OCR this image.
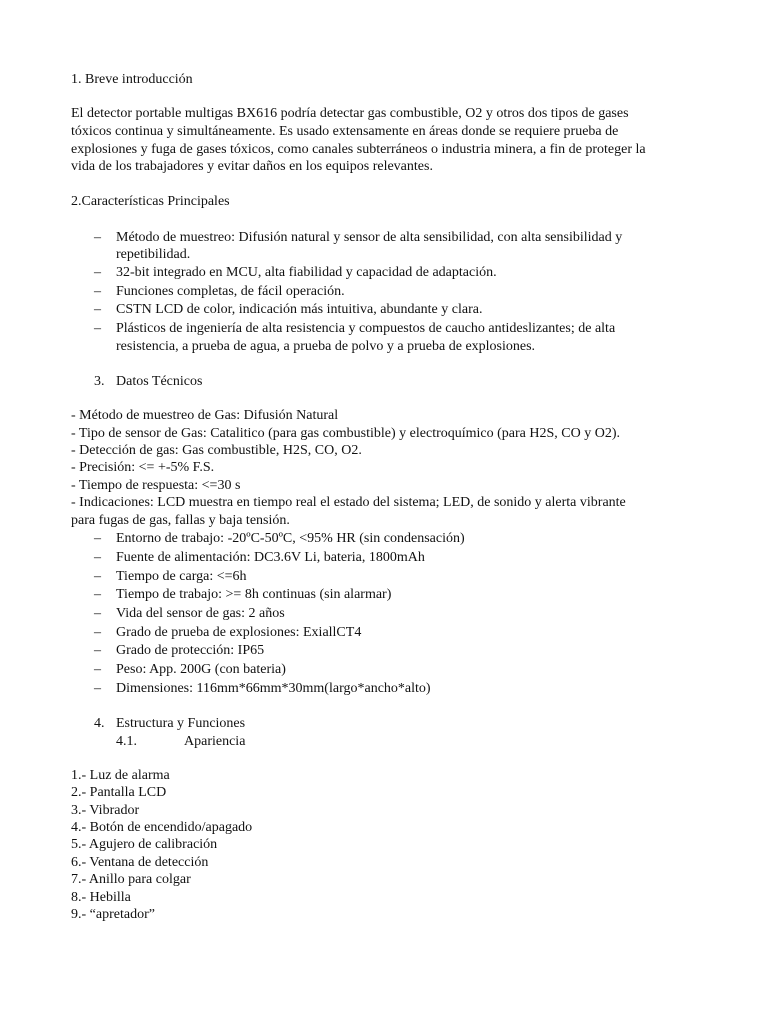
1. Breve introducción
El detector portable multigas BX616 podría detectar gas combustible, O2 y otros dos tipos de gases
tóxicos continua y simultáneamente. Es usado extensamente en áreas donde se requiere prueba de
explosiones y fuga de gases tóxicos, como canales subterráneos o industria minera, a fin de proteger la
vida de los trabajadores y evitar daños en los equipos relevantes.
2.Características Principales
– Método de muestreo: Difusión natural y sensor de alta sensibilidad, con alta sensibilidad y
repetibilidad.
– 32-bit integrado en MCU, alta fiabilidad y capacidad de adaptación.
– Funciones completas, de fácil operación.
– CSTN LCD de color, indicación más intuitiva, abundante y clara.
– Plásticos de ingeniería de alta resistencia y compuestos de caucho antideslizantes; de alta
resistencia, a prueba de agua, a prueba de polvo y a prueba de explosiones.
3. Datos Técnicos
- Método de muestreo de Gas: Difusión Natural
- Tipo de sensor de Gas: Catalitico (para gas combustible) y electroquímico (para H2S, CO y O2).
- Detección de gas: Gas combustible, H2S, CO, O2.
- Precisión: <= +-5% F.S.
- Tiempo de respuesta: <=30 s
- Indicaciones: LCD muestra en tiempo real el estado del sistema; LED, de sonido y alerta vibrante
para fugas de gas, fallas y baja tensión.
– Entorno de trabajo: -20ºC-50ºC, <95% HR (sin condensación)
– Fuente de alimentación: DC3.6V Li, bateria, 1800mAh
– Tiempo de carga: <=6h
– Tiempo de trabajo: >= 8h continuas (sin alarmar)
– Vida del sensor de gas: 2 años
– Grado de prueba de explosiones: ExiallCT4
– Grado de protección: IP65
– Peso: App. 200G (con bateria)
– Dimensiones: 116mm*66mm*30mm(largo*ancho*alto)
4. Estructura y Funciones
4.1.	Apariencia
1.- Luz de alarma
2.- Pantalla LCD
3.- Vibrador
4.- Botón de encendido/apagado
5.- Agujero de calibración
6.- Ventana de detección
7.- Anillo para colgar
8.- Hebilla
9.- “apretador”
